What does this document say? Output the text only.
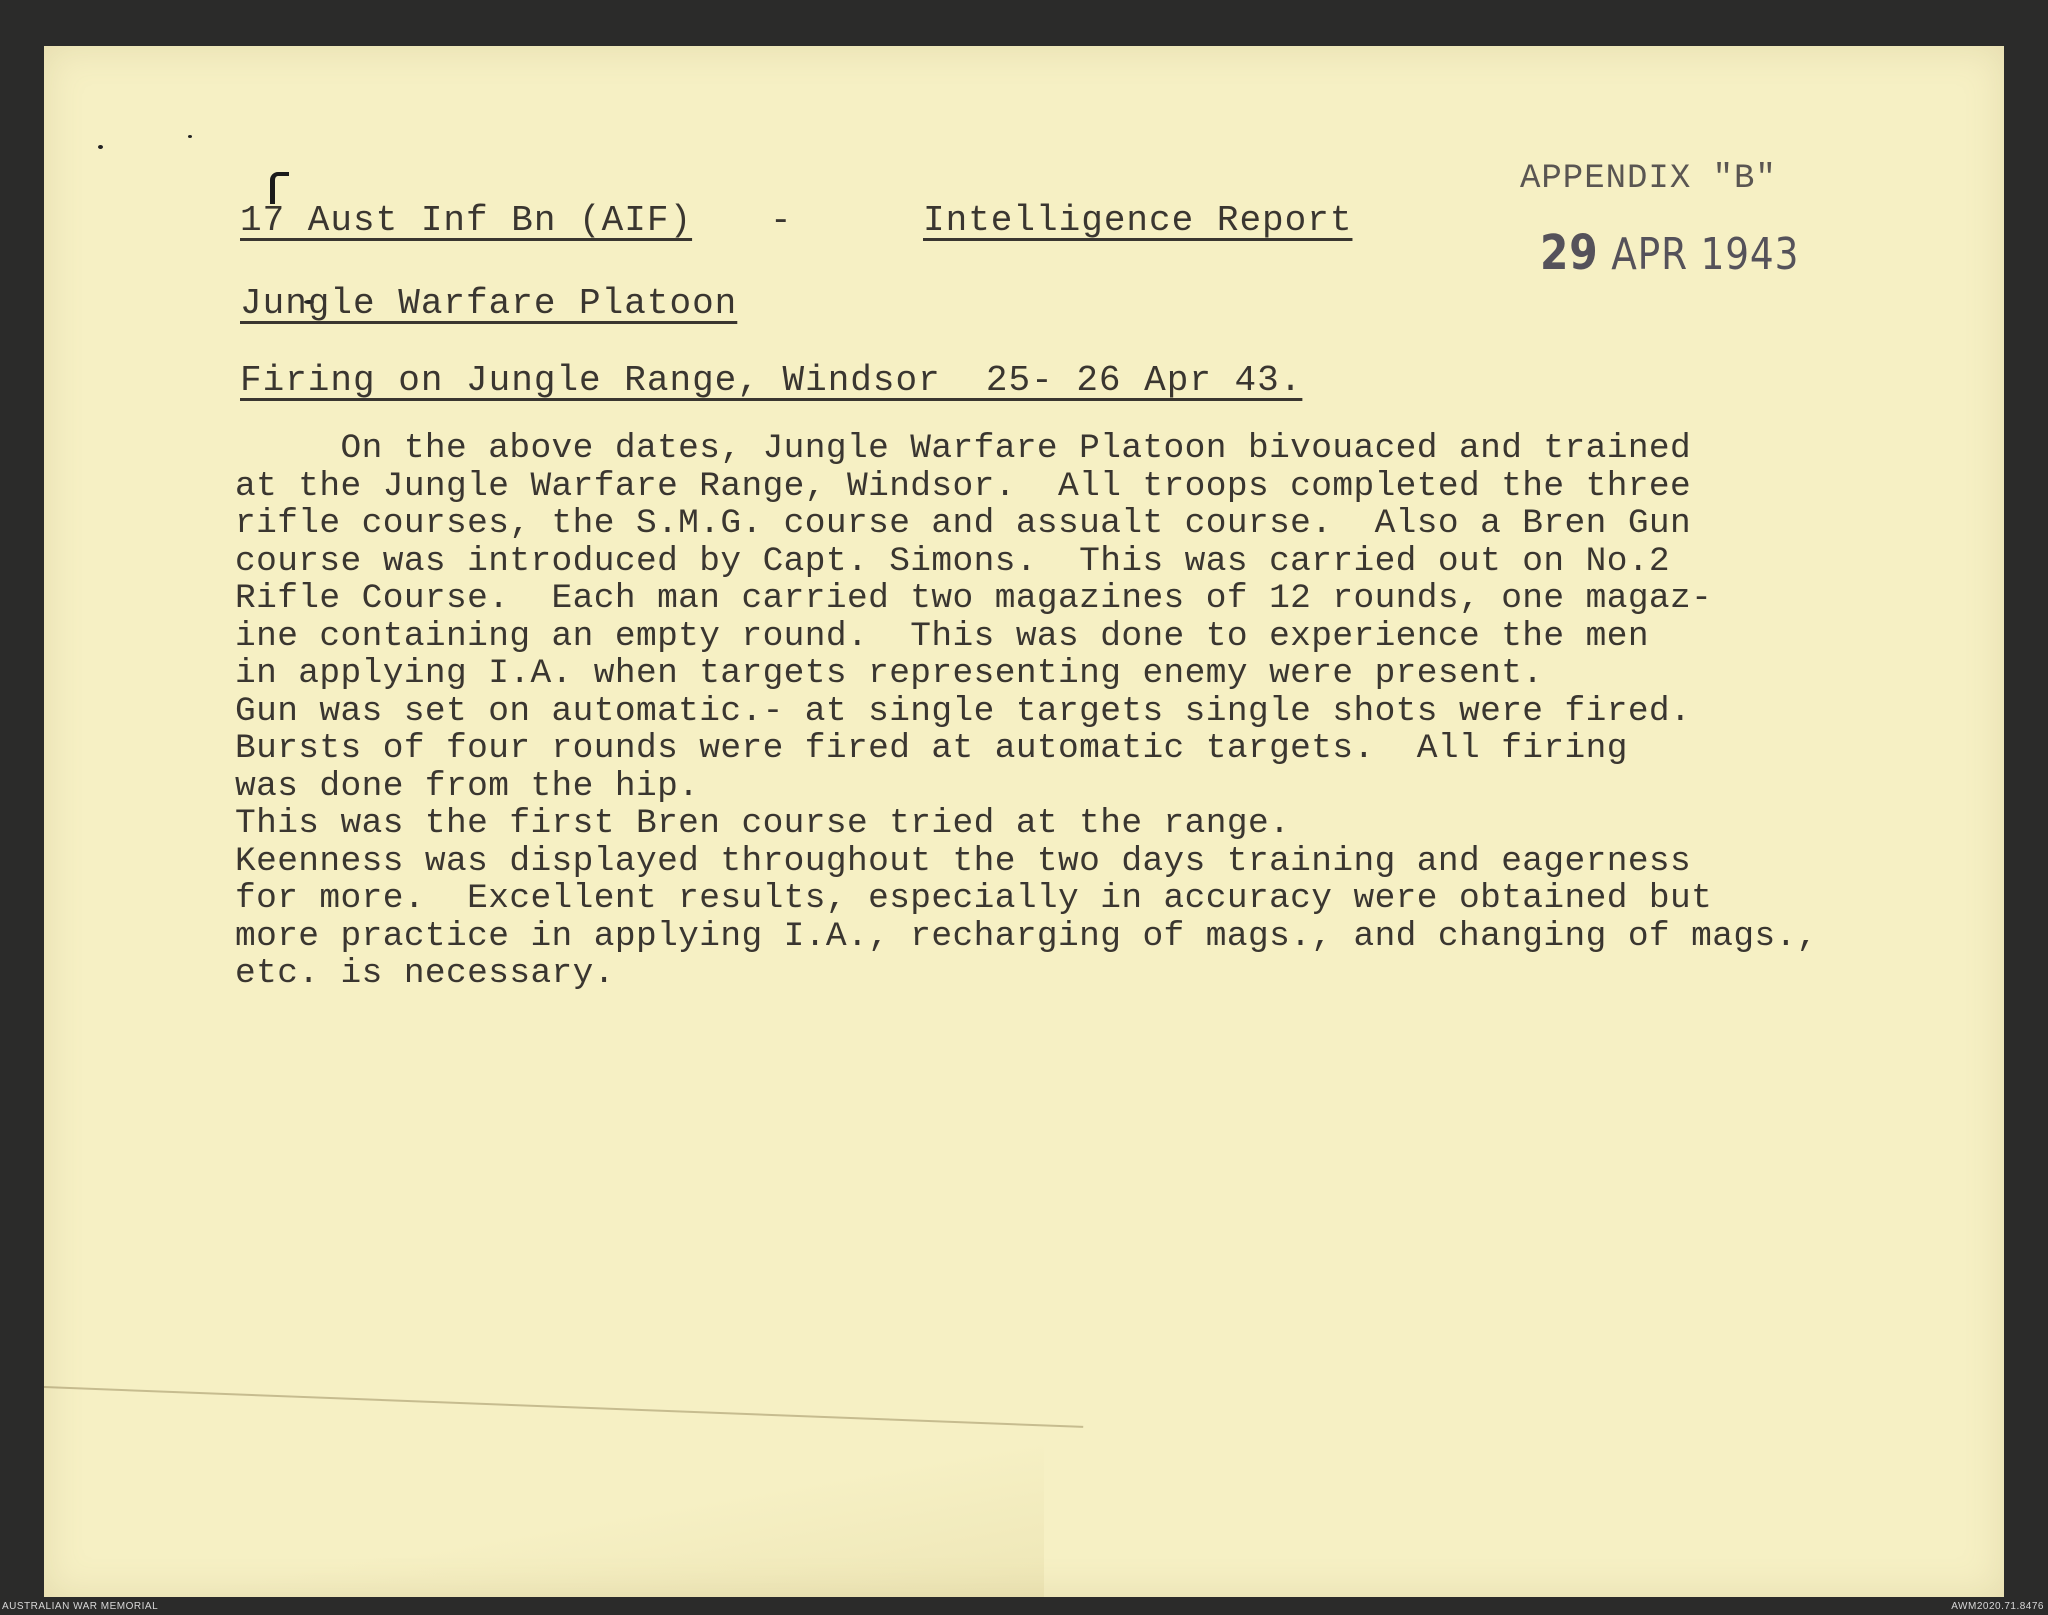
APPENDIX "B"
29 APR 1943
17 Aust Inf Bn (AIF) -	Intelligence Report
Jungle Warfare Platoon
Firing on Jungle Range, Windsor  25- 26 Apr 43.
On the above dates, Jungle Warfare Platoon bivouaced and trained
at the Jungle Warfare Range, Windsor.  All troops completed the three
rifle courses, the S.M.G. course and assualt course.  Also a Bren Gun
course was introduced by Capt. Simons.  This was carried out on No.2
Rifle Course.  Each man carried two magazines of 12 rounds, one magaz-
ine containing an empty round.  This was done to experience the men
in applying I.A. when targets representing enemy were present.
Gun was set on automatic.- at single targets single shots were fired.
Bursts of four rounds were fired at automatic targets.  All firing
was done from the hip.
This was the first Bren course tried at the range.
Keenness was displayed throughout the two days training and eagerness
for more.  Excellent results, especially in accuracy were obtained but
more practice in applying I.A., recharging of mags., and changing of mags.,
etc. is necessary.
AUSTRALIAN WAR MEMORIAL	AWM2020.71.8476
